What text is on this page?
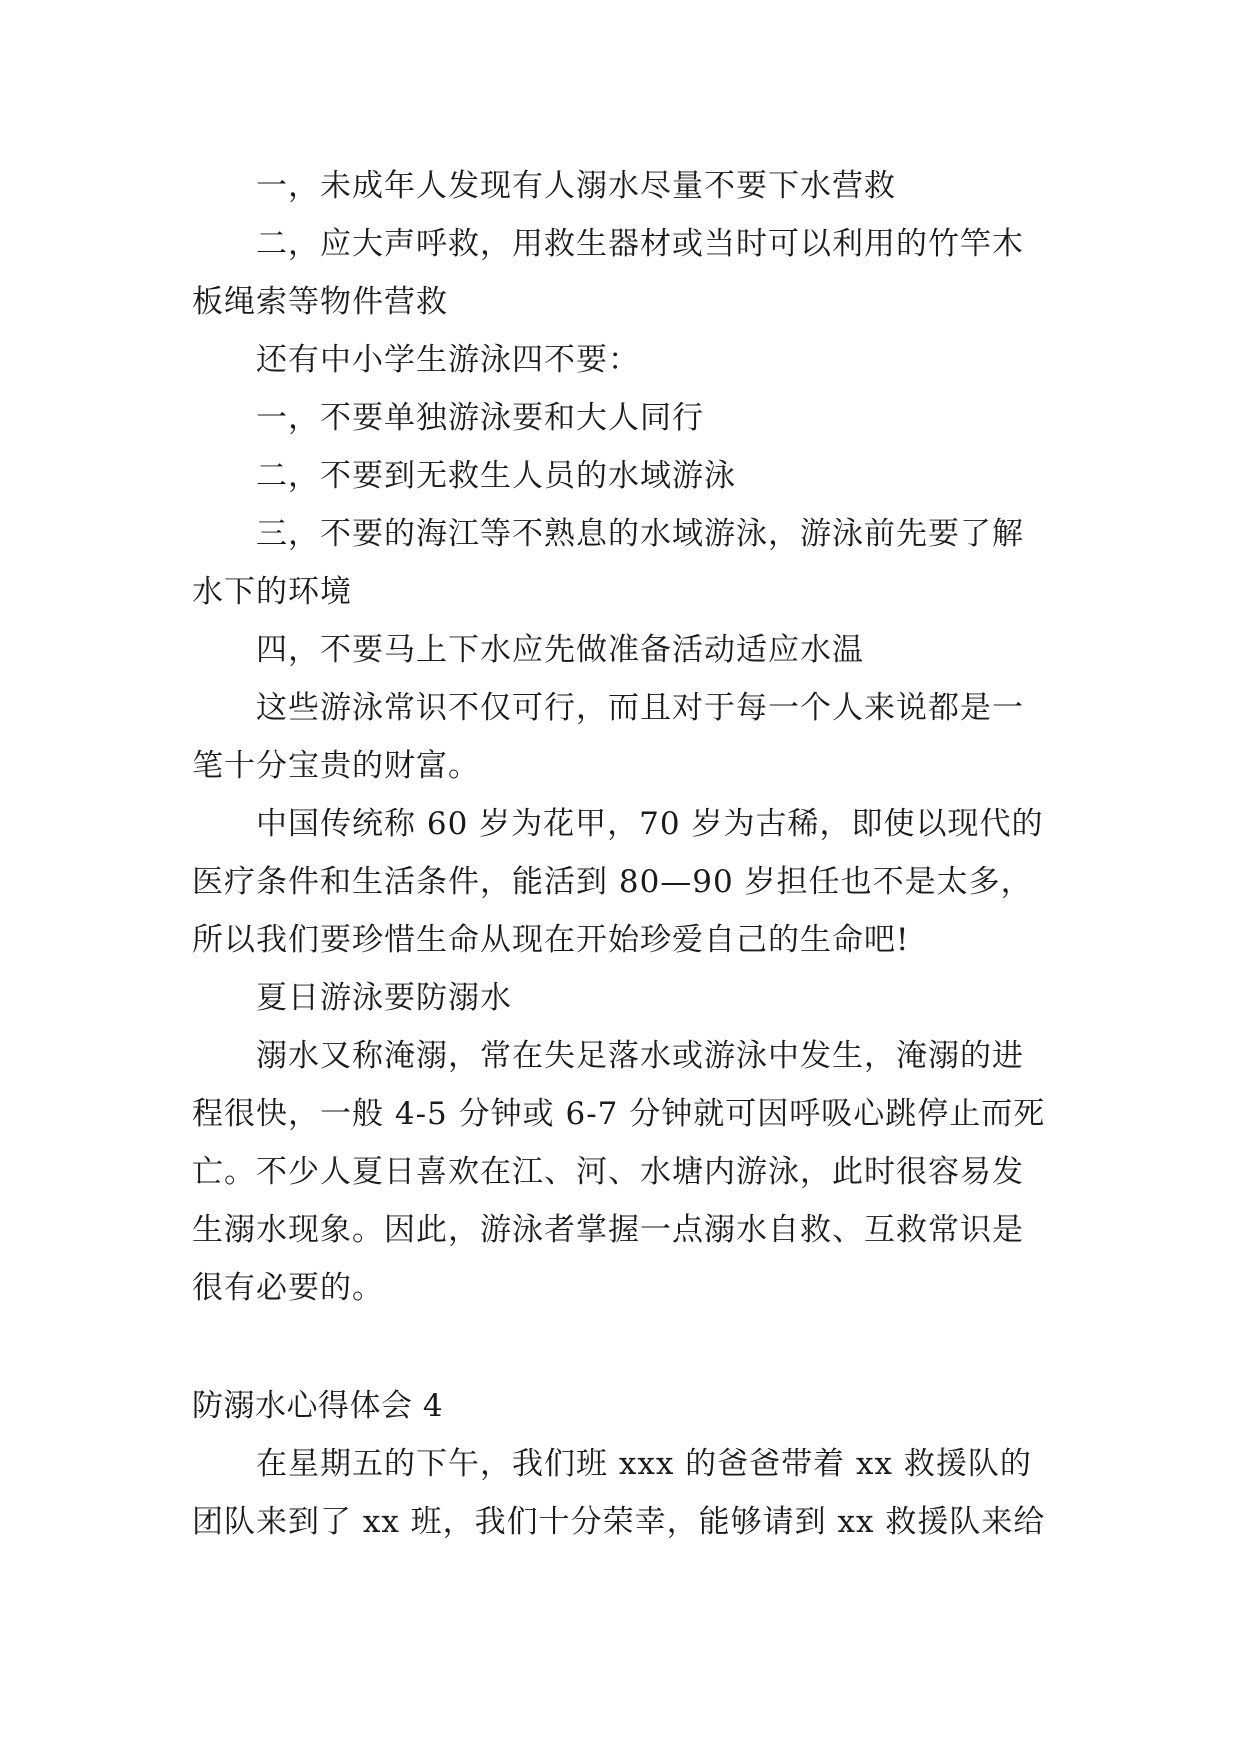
一，未成年人发现有人溺水尽量不要下水营救
二，应大声呼救，用救生器材或当时可以利用的竹竿木
板绳索等物件营救
还有中小学生游泳四不要：
一，不要单独游泳要和大人同行
二，不要到无救生人员的水域游泳
三，不要的海江等不熟息的水域游泳，游泳前先要了解
水下的环境
四，不要马上下水应先做准备活动适应水温
这些游泳常识不仅可行，而且对于每一个人来说都是一
笔十分宝贵的财富。
中国传统称 60 岁为花甲，70 岁为古稀，即使以现代的
医疗条件和生活条件，能活到 80—90 岁担任也不是太多，
所以我们要珍惜生命从现在开始珍爱自己的生命吧!
夏日游泳要防溺水
溺水又称淹溺，常在失足落水或游泳中发生，淹溺的进
程很快，一般 4-5 分钟或 6-7 分钟就可因呼吸心跳停止而死
亡。不少人夏日喜欢在江、河、水塘内游泳，此时很容易发
生溺水现象。因此，游泳者掌握一点溺水自救、互救常识是
很有必要的。
防溺水心得体会 4
在星期五的下午，我们班 xxx 的爸爸带着 xx 救援队的
团队来到了 xx 班，我们十分荣幸，能够请到 xx 救援队来给
